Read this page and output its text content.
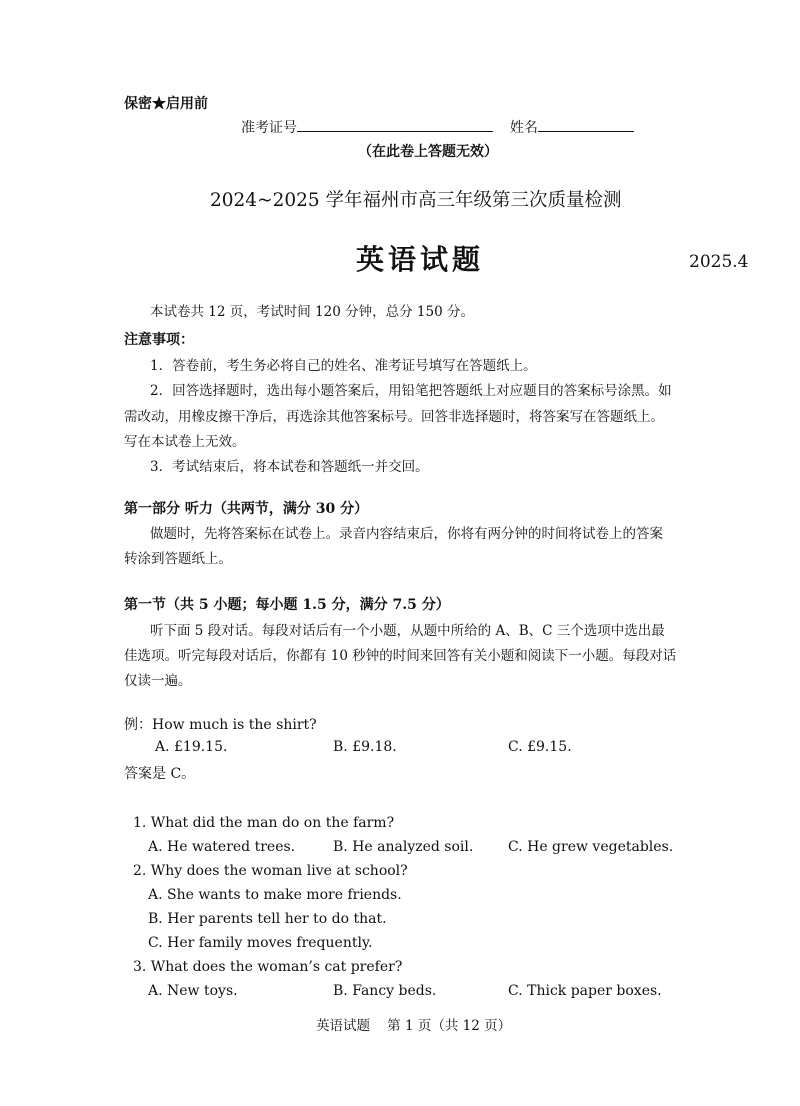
保密★启用前
准考证号	姓名
（在此卷上答题无效）
2024~2025 学年福州市高三年级第三次质量检测
英语试题	2025.4
本试卷共 12 页，考试时间 120 分钟，总分 150 分。
注意事项：
1．答卷前，考生务必将自己的姓名、准考证号填写在答题纸上。
2．回答选择题时，选出每小题答案后，用铅笔把答题纸上对应题目的答案标号涂黑。如
需改动，用橡皮擦干净后，再选涂其他答案标号。回答非选择题时，将答案写在答题纸上。
写在本试卷上无效。
3．考试结束后，将本试卷和答题纸一并交回。
第一部分 听力（共两节，满分 30 分）
做题时，先将答案标在试卷上。录音内容结束后，你将有两分钟的时间将试卷上的答案
转涂到答题纸上。
第一节（共 5 小题；每小题 1.5 分，满分 7.5 分）
听下面 5 段对话。每段对话后有一个小题，从题中所给的 A、B、C 三个选项中选出最
佳选项。听完每段对话后，你都有 10 秒钟的时间来回答有关小题和阅读下一小题。每段对话
仅读一遍。
例：How much is the shirt?
A. £19.15.	B. £9.18.	C. £9.15.
答案是 C。
1. What did the man do on the farm?
A. He watered trees.	B. He analyzed soil. C. He grew vegetables.
2. Why does the woman live at school?
A. She wants to make more friends.
B. Her parents tell her to do that.
C. Her family moves frequently.
3. What does the woman’s cat prefer?
A. New toys.	B. Fancy beds.	C. Thick paper boxes.
英语试题    第 1 页（共 12 页）
